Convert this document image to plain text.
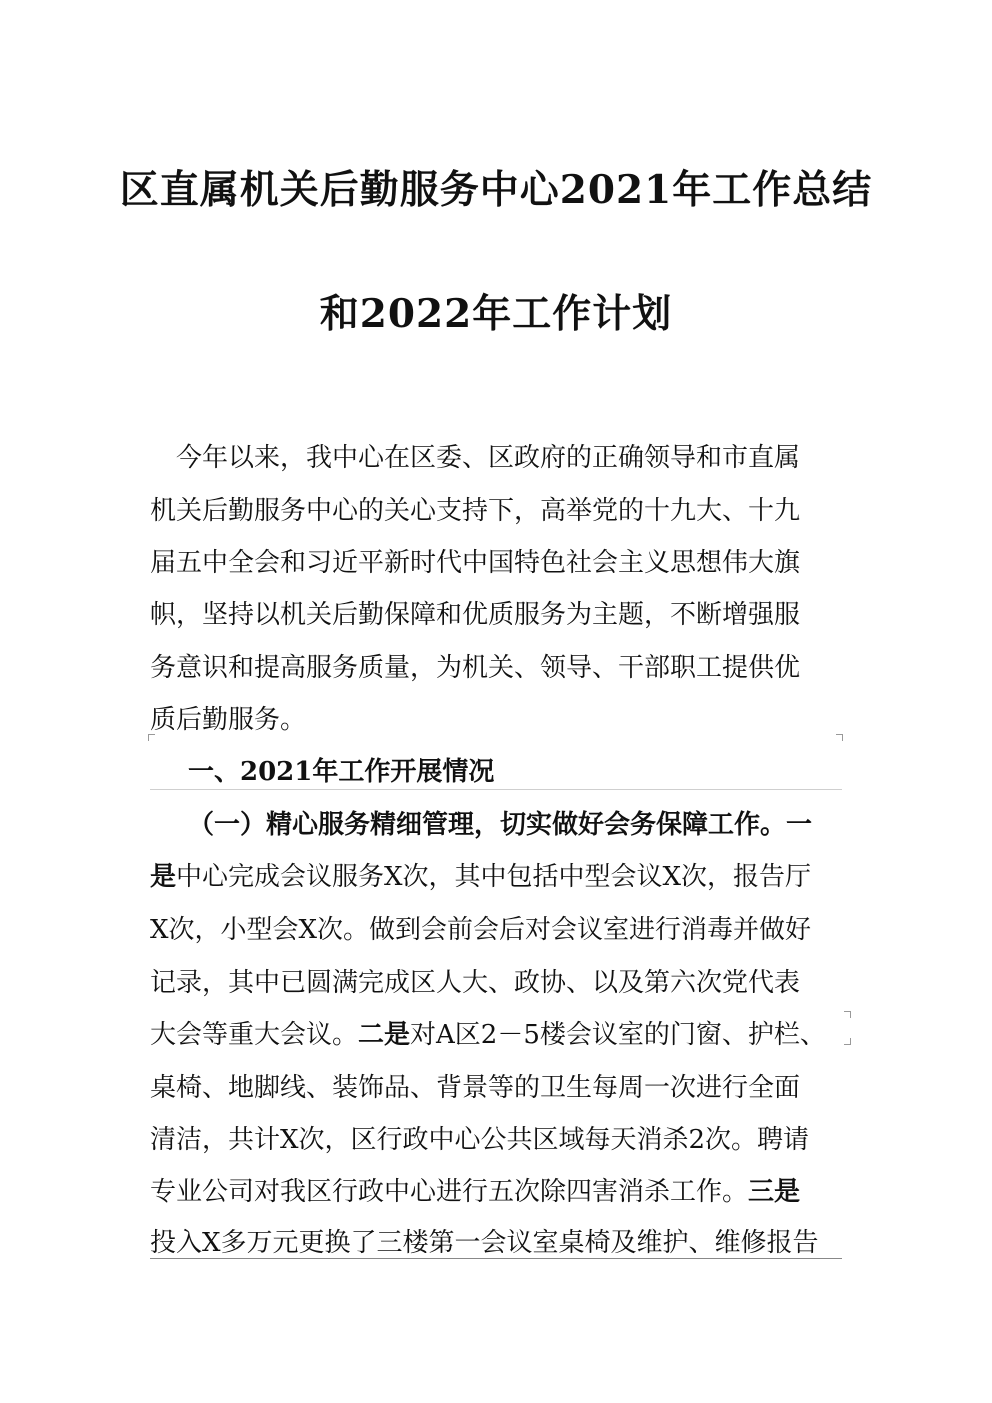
区直属机关后勤服务中心2021年工作总结
和2022年工作计划
　今年以来，我中心在区委、区政府的正确领导和市直属
机关后勤服务中心的关心支持下，高举党的十九大、十九
届五中全会和习近平新时代中国特色社会主义思想伟大旗
帜，坚持以机关后勤保障和优质服务为主题，不断增强服
务意识和提高服务质量，为机关、领导、干部职工提供优
质后勤服务。
一、2021年工作开展情况
（一）精心服务精细管理，切实做好会务保障工作。一
是中心完成会议服务X次，其中包括中型会议X次，报告厅
X次，小型会X次。做到会前会后对会议室进行消毒并做好
记录，其中已圆满完成区人大、政协、以及第六次党代表
大会等重大会议。二是对A区2－5楼会议室的门窗、护栏、
桌椅、地脚线、装饰品、背景等的卫生每周一次进行全面
清洁，共计X次，区行政中心公共区域每天消杀2次。聘请
专业公司对我区行政中心进行五次除四害消杀工作。三是
投入X多万元更换了三楼第一会议室桌椅及维护、维修报告
